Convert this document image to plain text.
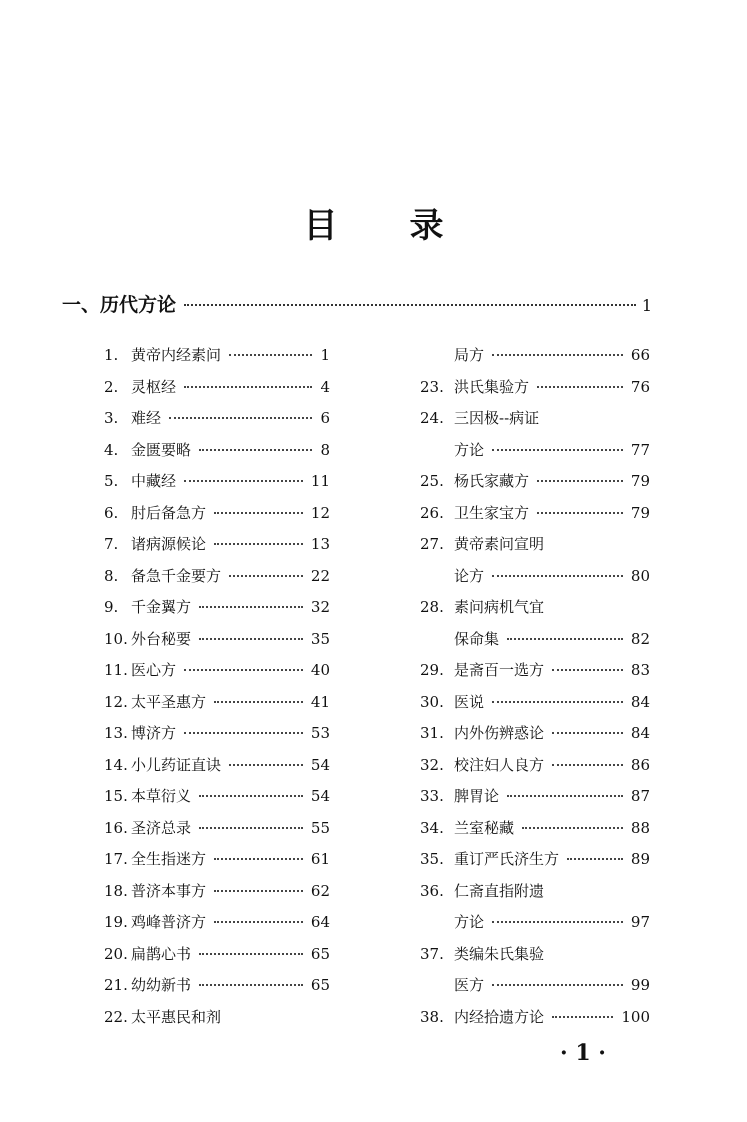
目 录
一、历代方论	1
1. 黄帝内经素问	1
2. 灵枢经	4
3. 难经	6
4. 金匮要略	8
5. 中藏经	11
6. 肘后备急方	12
7. 诸病源候论	13
8. 备急千金要方	22
9. 千金翼方	32
10. 外台秘要	35
11. 医心方	40
12. 太平圣惠方	41
13. 博济方	53
14. 小儿药证直诀	54
15. 本草衍义	54
16. 圣济总录	55
17. 全生指迷方	61
18. 普济本事方	62
19. 鸡峰普济方	64
20. 扁鹊心书	65
21. 幼幼新书	65
22. 太平惠民和剂
局方	66
23. 洪氏集验方	76
24. 三因极--病证
方论	77
25. 杨氏家藏方	79
26. 卫生家宝方	79
27. 黄帝素问宣明
论方	80
28. 素问病机气宜
保命集	82
29. 是斋百一选方	83
30. 医说	84
31. 内外伤辨惑论	84
32. 校注妇人良方	86
33. 脾胃论	87
34. 兰室秘藏	88
35. 重订严氏济生方	89
36. 仁斋直指附遗
方论	97
37. 类编朱氏集验
医方	99
38. 内经拾遗方论	100
· 1 ·
